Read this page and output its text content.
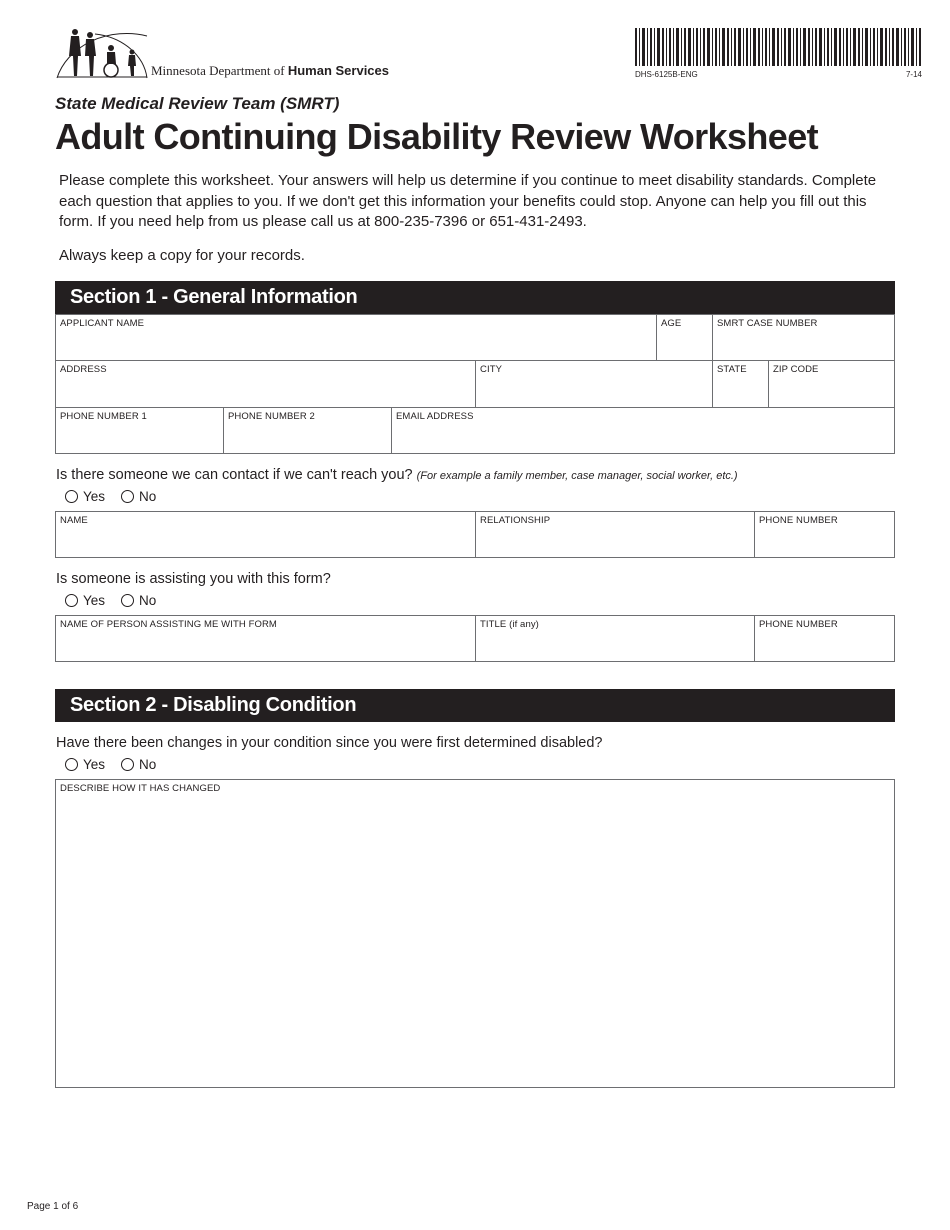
Minnesota Department of Human Services	DHS-6125B-ENG	7-14
State Medical Review Team (SMRT)
Adult Continuing Disability Review Worksheet
Please complete this worksheet. Your answers will help us determine if you continue to meet disability standards. Complete each question that applies to you. If we don't get this information your benefits could stop. Anyone can help you fill out this form. If you need help from us please call us at 800-235-7396 or 651-431-2493.
Always keep a copy for your records.
Section 1 - General Information
APPLICANT NAME	AGE	SMRT CASE NUMBER
ADDRESS	CITY	STATE	ZIP CODE
PHONE NUMBER 1	PHONE NUMBER 2	EMAIL ADDRESS
Is there someone we can contact if we can't reach you? (For example a family member, case manager, social worker, etc.)
Yes	No
NAME	RELATIONSHIP	PHONE NUMBER
Is someone is assisting you with this form?
Yes	No
NAME OF PERSON ASSISTING ME WITH FORM	TITLE (if any)	PHONE NUMBER
Section 2 - Disabling Condition
Have there been changes in your condition since you were first determined disabled?
Yes	No
DESCRIBE HOW IT HAS CHANGED
Page 1 of 6
